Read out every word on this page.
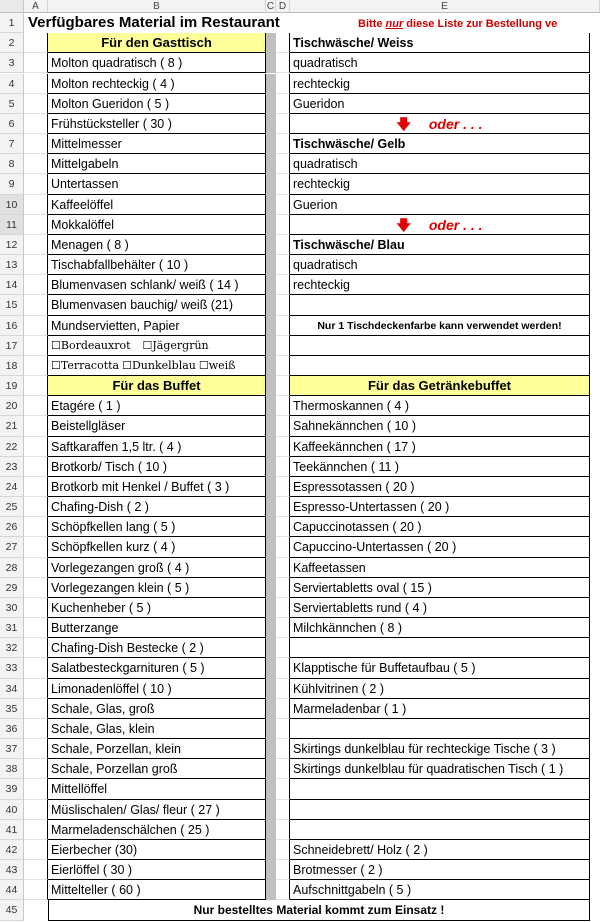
A	B	C D	E
1 Verfügbares Material im Restaurant	Bitte nur diese Liste zur Bestellung ve
2	Für den Gasttisch	Tischwäsche/ Weiss
3	Molton quadratisch ( 8 )	quadratisch
4	Molton rechteckig ( 4 )	rechteckig
5	Molton Gueridon ( 5 )	Gueridon
6	Frühstücksteller ( 30 )	🡇 oder . . .
7	Mittelmesser	Tischwäsche/ Gelb
8	Mittelgabeln	quadratisch
9	Untertassen	rechteckig
10	Kaffeelöffel	Guerion
11	Mokkalöffel	🡇 oder . . .
12	Menagen ( 8 )	Tischwäsche/ Blau
13	Tischabfallbehälter ( 10 )	quadratisch
14	Blumenvasen schlank/ weiß ( 14 )	rechteckig
15	Blumenvasen bauchig/ weiß (21)
16	Mundservietten, Papier	Nur 1 Tischdeckenfarbe kann verwendet werden!
17	☐Bordeauxrot ☐Jägergrün
18	☐Terracotta ☐Dunkelblau ☐weiß
19	Für das Buffet	Für das Getränkebuffet
20	Etagére ( 1 )	Thermoskannen ( 4 )
21	Beistellgläser	Sahnekännchen ( 10 )
22	Saftkaraffen 1,5 ltr. ( 4 )	Kaffeekännchen ( 17 )
23	Brotkorb/ Tisch ( 10 )	Teekännchen ( 11 )
24	Brotkorb mit Henkel / Buffet ( 3 )	Espressotassen ( 20 )
25	Chafing-Dish ( 2 )	Espresso-Untertassen ( 20 )
26	Schöpfkellen lang ( 5 )	Capuccinotassen ( 20 )
27	Schöpfkellen kurz ( 4 )	Capuccino-Untertassen ( 20 )
28	Vorlegezangen groß ( 4 )	Kaffeetassen
29	Vorlegezangen klein ( 5 )	Serviertabletts oval ( 15 )
30	Kuchenheber ( 5 )	Serviertabletts rund ( 4 )
31	Butterzange	Milchkännchen ( 8 )
32	Chafing-Dish Bestecke ( 2 )
33	Salatbesteckgarnituren ( 5 )	Klapptische für Buffetaufbau ( 5 )
34	Limonadenlöffel ( 10 )	Kühlvitrinen ( 2 )
35	Schale, Glas, groß	Marmeladenbar ( 1 )
36	Schale, Glas, klein
37	Schale, Porzellan, klein	Skirtings dunkelblau für rechteckige Tische ( 3 )
38	Schale, Porzellan groß	Skirtings dunkelblau für quadratischen Tisch ( 1 )
39	Mittellöffel
40	Müslischalen/ Glas/ fleur ( 27 )
41	Marmeladenschälchen ( 25 )
42	Eierbecher (30)	Schneidebrett/ Holz ( 2 )
43	Eierlöffel ( 30 )	Brotmesser ( 2 )
44	Mittelteller ( 60 )	Aufschnittgabeln ( 5 )
45	Nur bestelltes Material kommt zum Einsatz !
